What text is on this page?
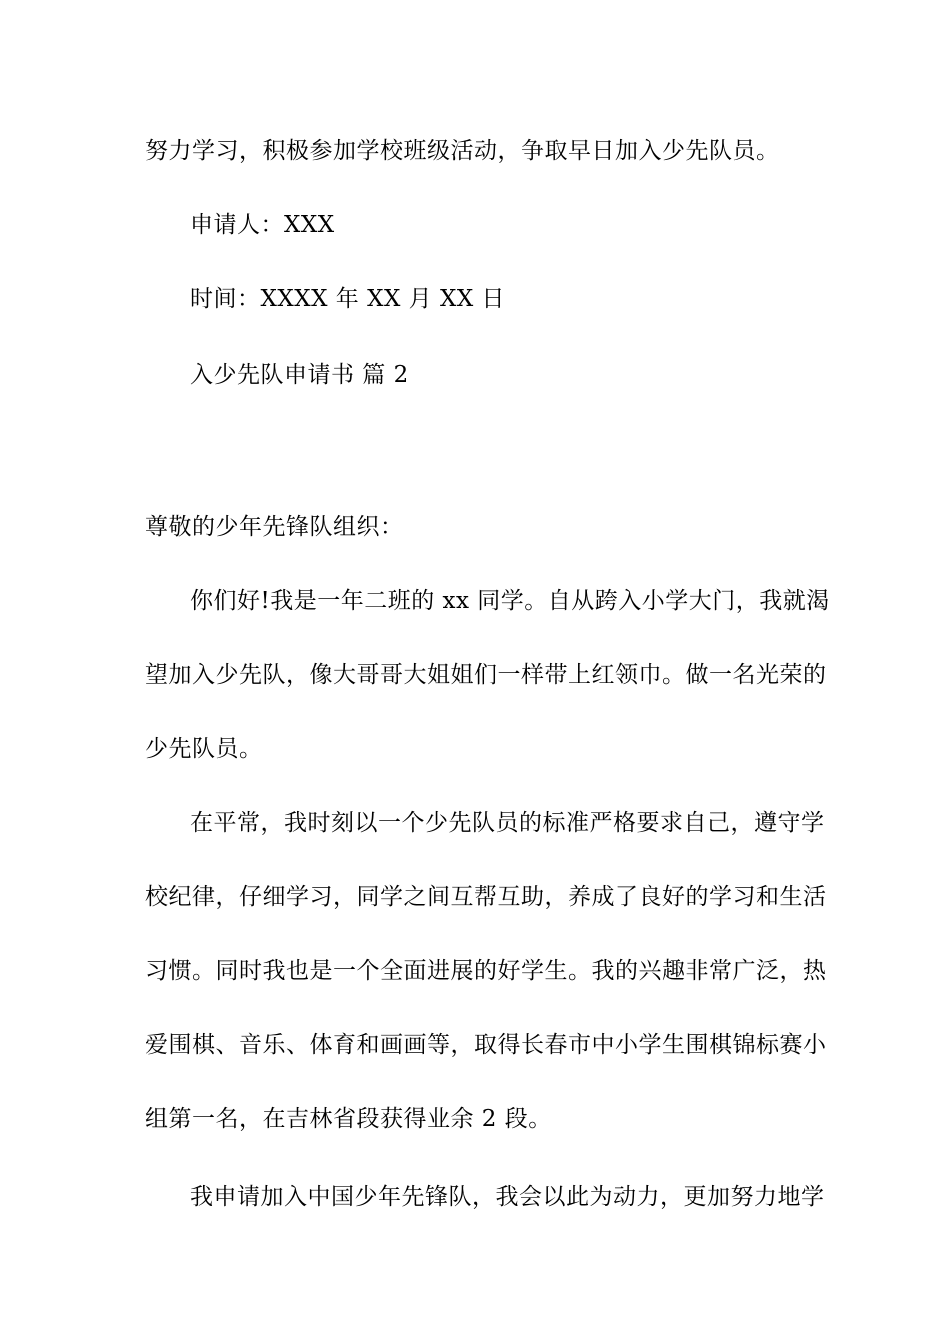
努力学习，积极参加学校班级活动，争取早日加入少先队员。

申请人：XXX

时间：XXXX 年 XX 月 XX 日

入少先队申请书 篇 2

尊敬的少年先锋队组织：

你们好!我是一年二班的 xx 同学。自从跨入小学大门，我就渴

望加入少先队，像大哥哥大姐姐们一样带上红领巾。做一名光荣的

少先队员。

在平常，我时刻以一个少先队员的标准严格要求自己，遵守学

校纪律，仔细学习，同学之间互帮互助，养成了良好的学习和生活

习惯。同时我也是一个全面进展的好学生。我的兴趣非常广泛，热

爱围棋、音乐、体育和画画等，取得长春市中小学生围棋锦标赛小

组第一名，在吉林省段获得业余 2 段。

我申请加入中国少年先锋队，我会以此为动力，更加努力地学
